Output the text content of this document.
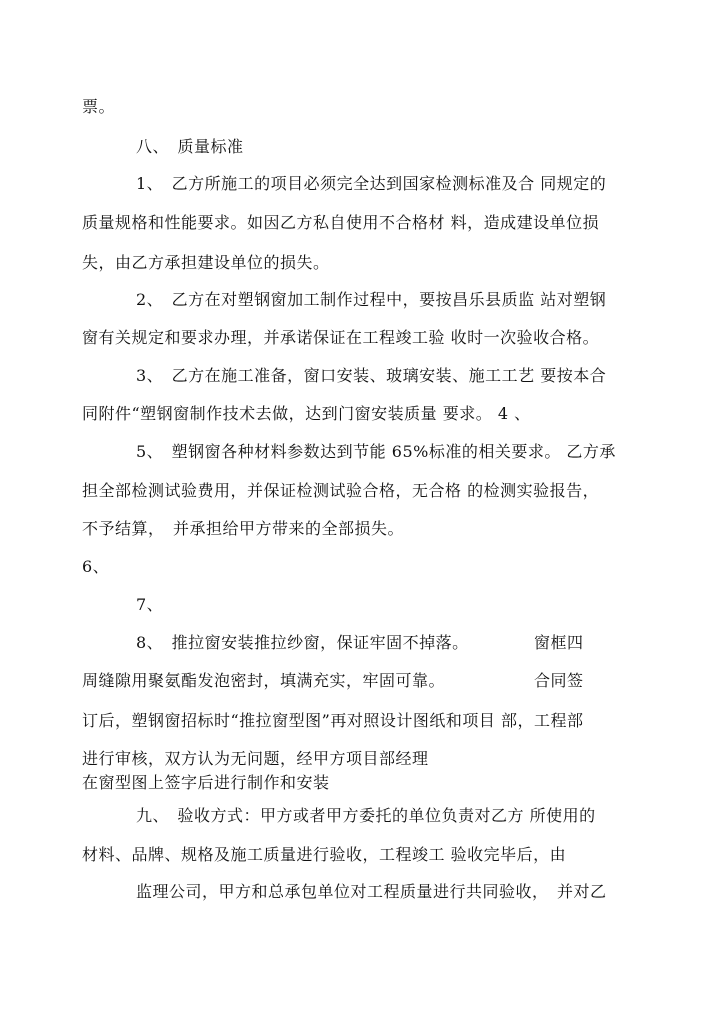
票。
八、　质量标准
1、　乙方所施工的项目必须完全达到国家检测标准及合 同规定的
质量规格和性能要求。如因乙方私自使用不合格材 料，造成建设单位损
失，由乙方承担建设单位的损失。
2、　乙方在对塑钢窗加工制作过程中，要按昌乐县质监 站对塑钢
窗有关规定和要求办理，并承诺保证在工程竣工验 收时一次验收合格。
3、　乙方在施工准备，窗口安装、玻璃安装、施工工艺 要按本合
同附件“塑钢窗制作技术去做，达到门窗安装质量 要求。 4 、
5、　塑钢窗各种材料参数达到节能 65%标准的相关要求。 乙方承
担全部检测试验费用，并保证检测试验合格，无合格 的检测实验报告，
不予结算，　并承担给甲方带来的全部损失。
6、
7、
8、　推拉窗安装推拉纱窗，保证牢固不掉落。	窗框四
周缝隙用聚氨酯发泡密封，填满充实，牢固可靠。	合同签
订后，塑钢窗招标时“推拉窗型图”再对照设计图纸和项目 部，工程部
进行审核，双方认为无问题，经甲方项目部经理
在窗型图上签字后进行制作和安装
九、　验收方式：甲方或者甲方委托的单位负责对乙方 所使用的
材料、品牌、规格及施工质量进行验收，工程竣工 验收完毕后，由
监理公司，甲方和总承包单位对工程质量进行共同验收，　并对乙
